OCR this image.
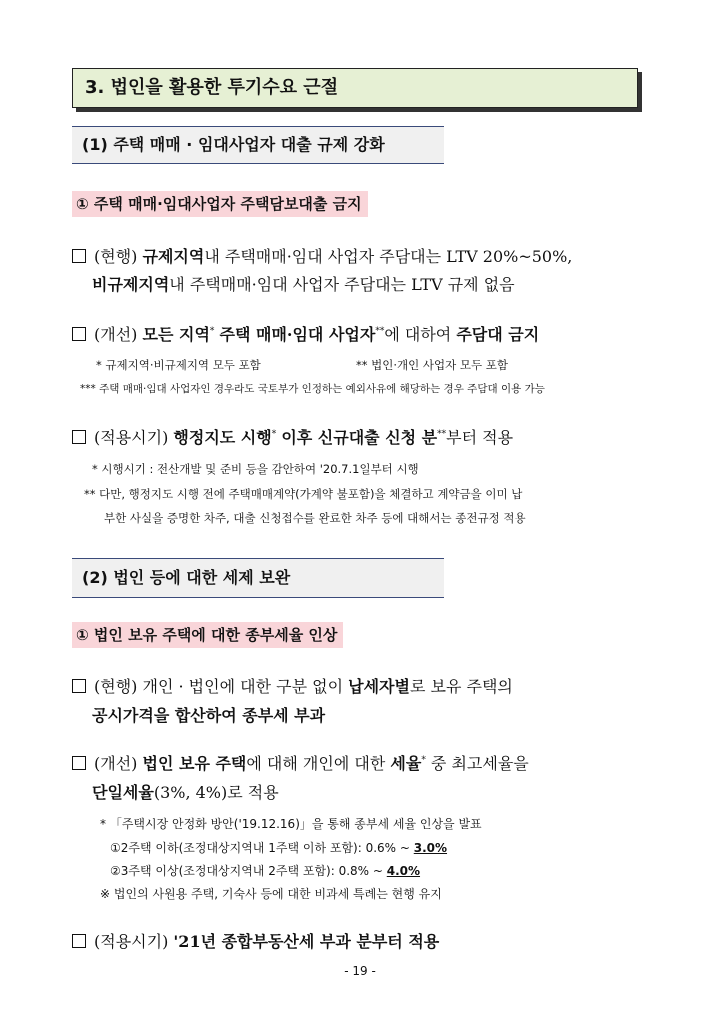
3. 법인을 활용한 투기수요 근절
(1) 주택 매매 · 임대사업자 대출 규제 강화
① 주택 매매·임대사업자 주택담보대출 금지
(현행) 규제지역내 주택매매·임대 사업자 주담대는 LTV 20%~50%,
비규제지역내 주택매매·임대 사업자 주담대는 LTV 규제 없음
(개선) 모든 지역* 주택 매매·임대 사업자**에 대하여 주담대 금지
* 규제지역·비규제지역 모두 포함	** 법인·개인 사업자 모두 포함
*** 주택 매매·임대 사업자인 경우라도 국토부가 인정하는 예외사유에 해당하는 경우 주담대 이용 가능
(적용시기) 행정지도 시행* 이후 신규대출 신청 분**부터 적용
* 시행시기 : 전산개발 및 준비 등을 감안하여 '20.7.1일부터 시행
** 다만, 행정지도 시행 전에 주택매매계약(가계약 불포함)을 체결하고 계약금을 이미 납
부한 사실을 증명한 차주, 대출 신청접수를 완료한 차주 등에 대해서는 종전규정 적용
(2) 법인 등에 대한 세제 보완
① 법인 보유 주택에 대한 종부세율 인상
(현행) 개인 · 법인에 대한 구분 없이 납세자별로 보유 주택의
공시가격을 합산하여 종부세 부과
(개선) 법인 보유 주택에 대해 개인에 대한 세율* 중 최고세율을
단일세율(3%, 4%)로 적용
* 「주택시장 안정화 방안('19.12.16)」을 통해 종부세 세율 인상을 발표
①2주택 이하(조정대상지역내 1주택 이하 포함): 0.6% ~ 3.0%
②3주택 이상(조정대상지역내 2주택 포함): 0.8% ~ 4.0%
※ 법인의 사원용 주택, 기숙사 등에 대한 비과세 특례는 현행 유지
(적용시기) '21년 종합부동산세 부과 분부터 적용
- 19 -
